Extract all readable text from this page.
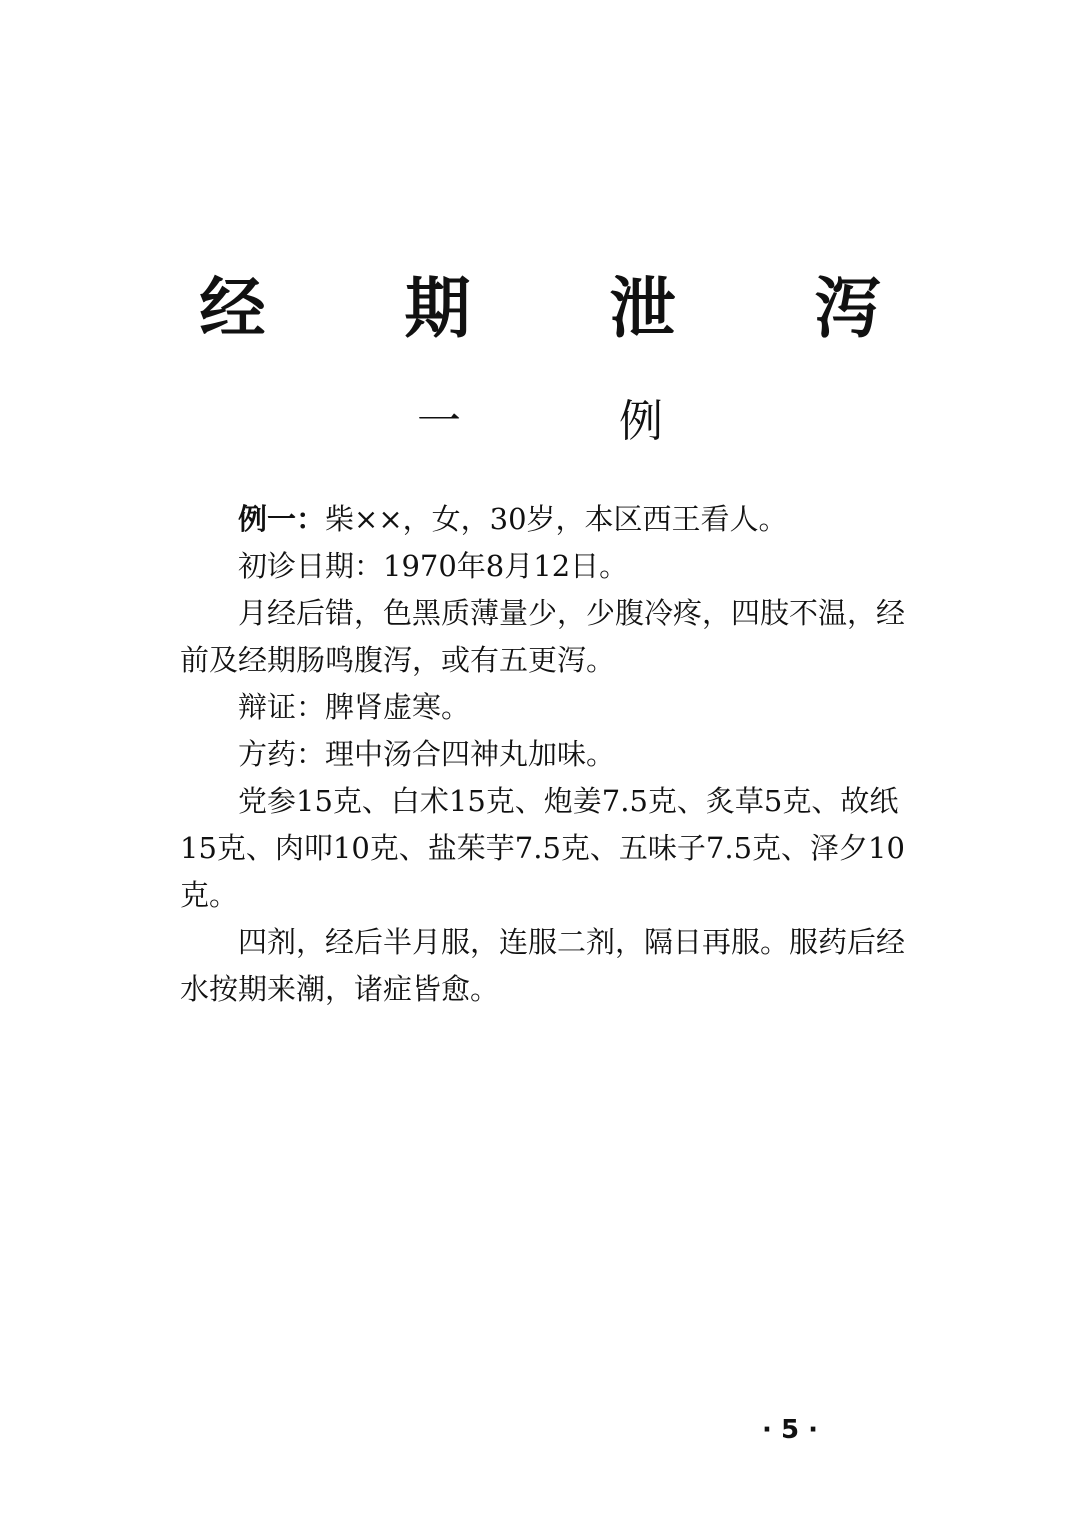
经 期 泄 泻
一 例

例一：柴××，女，30岁，本区西王看人。

初诊日期：1970年8月12日。

月经后错，色黑质薄量少，少腹冷疼，四肢不温，经前及经期肠鸣腹泻，或有五更泻。

辩证：脾肾虚寒。

方药：理中汤合四神丸加味。

党参15克、白术15克、炮姜7.5克、炙草5克、故纸15克、肉叩10克、盐茱芋7.5克、五味子7.5克、泽夕10克。

四剂，经后半月服，连服二剂，隔日再服。服药后经水按期来潮，诸症皆愈。

· 5 ·
